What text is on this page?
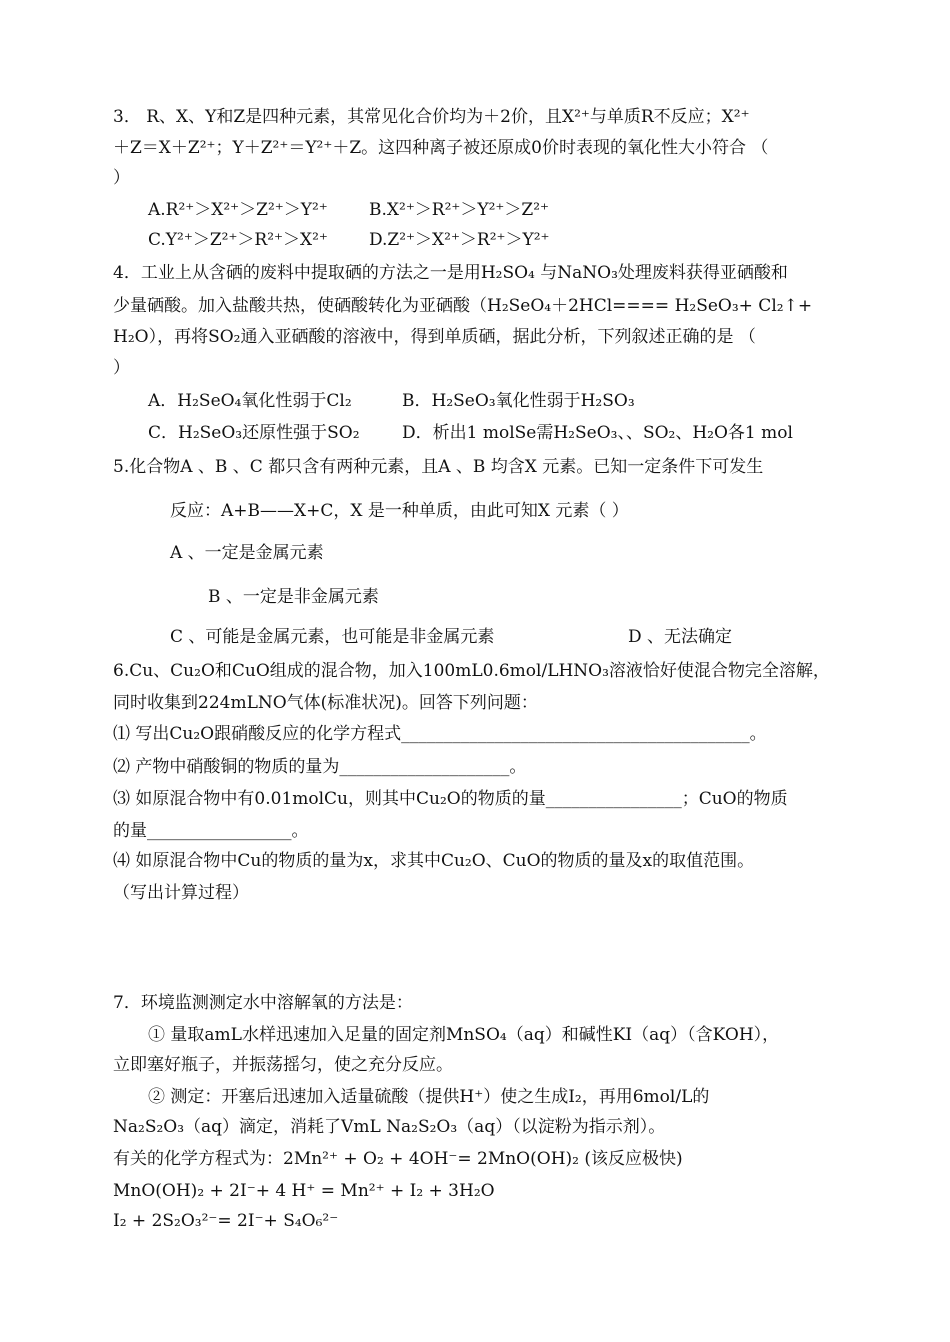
3． R、X、Y和Z是四种元素，其常见化合价均为＋2价，且X²⁺与单质R不反应；X²⁺
＋Z＝X＋Z²⁺；Y＋Z²⁺＝Y²⁺＋Z。这四种离子被还原成0价时表现的氧化性大小符合 （
）
A.R²⁺＞X²⁺＞Z²⁺＞Y²⁺ B.X²⁺＞R²⁺＞Y²⁺＞Z²⁺
C.Y²⁺＞Z²⁺＞R²⁺＞X²⁺ D.Z²⁺＞X²⁺＞R²⁺＞Y²⁺
4．工业上从含硒的废料中提取硒的方法之一是用H₂SO₄ 与NaNO₃处理废料获得亚硒酸和
少量硒酸。加入盐酸共热，使硒酸转化为亚硒酸（H₂SeO₄＋2HCl==== H₂SeO₃+ Cl₂↑+
H₂O），再将SO₂通入亚硒酸的溶液中，得到单质硒，据此分析，下列叙述正确的是 （
）
A．H₂SeO₄氧化性弱于Cl₂	B．H₂SeO₃氧化性弱于H₂SO₃
C．H₂SeO₃还原性强于SO₂ D．析出1 molSe需H₂SeO₃、、SO₂、H₂O各1 mol
5.化合物A 、B 、C 都只含有两种元素，且A 、B 均含X 元素。已知一定条件下可发生
反应：A+B——X+C，X 是一种单质，由此可知X 元素（ ）
A 、一定是金属元素
B 、一定是非金属元素
C 、可能是金属元素，也可能是非金属元素	D 、无法确定
6.Cu、Cu₂O和CuO组成的混合物，加入100mL0.6mol/LHNO₃溶液恰好使混合物完全溶解，
同时收集到224mLNO气体(标准状况)。回答下列问题：
⑴ 写出Cu₂O跟硝酸反应的化学方程式_________________________________________。
⑵ 产物中硝酸铜的物质的量为____________________。
⑶ 如原混合物中有0.01molCu，则其中Cu₂O的物质的量________________；CuO的物质
的量_________________。
⑷ 如原混合物中Cu的物质的量为x，求其中Cu₂O、CuO的物质的量及x的取值范围。
（写出计算过程）
7．环境监测测定水中溶解氧的方法是：
① 量取amL水样迅速加入足量的固定剂MnSO₄（aq）和碱性KI（aq）（含KOH），
立即塞好瓶子，并振荡摇匀，使之充分反应。
② 测定：开塞后迅速加入适量硫酸（提供H⁺）使之生成I₂，再用6mol/L的
Na₂S₂O₃（aq）滴定，消耗了VmL Na₂S₂O₃（aq）（以淀粉为指示剂）。
有关的化学方程式为：2Mn²⁺ + O₂ + 4OH⁻= 2MnO(OH)₂ (该反应极快)
MnO(OH)₂ + 2I⁻+ 4 H⁺ = Mn²⁺ + I₂ + 3H₂O
I₂ + 2S₂O₃²⁻= 2I⁻+ S₄O₆²⁻
